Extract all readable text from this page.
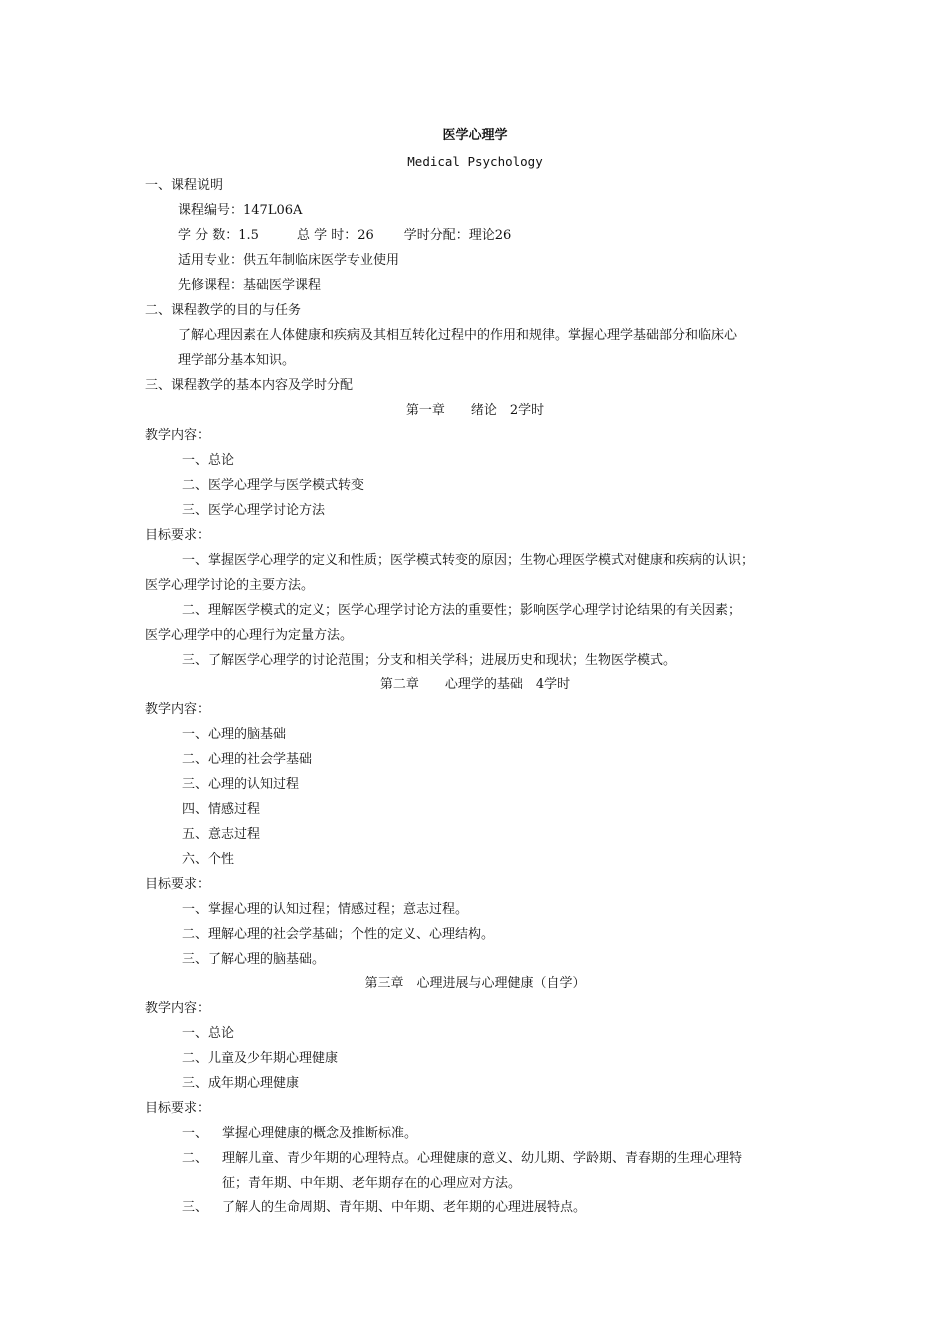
医学心理学
Medical Psychology
一、课程说明
课程编号：147L06A
学 分 数：1.5	总 学 时：26 学时分配：理论26
适用专业：供五年制临床医学专业使用
先修课程：基础医学课程
二、课程教学的目的与任务
了解心理因素在人体健康和疾病及其相互转化过程中的作用和规律。掌握心理学基础部分和临床心
理学部分基本知识。
三、课程教学的基本内容及学时分配
第一章　　绪论　2学时
教学内容：
一、总论
二、医学心理学与医学模式转变
三、医学心理学讨论方法
目标要求：
一、掌握医学心理学的定义和性质；医学模式转变的原因；生物心理医学模式对健康和疾病的认识；
医学心理学讨论的主要方法。
二、理解医学模式的定义；医学心理学讨论方法的重要性；影响医学心理学讨论结果的有关因素；
医学心理学中的心理行为定量方法。
三、了解医学心理学的讨论范围；分支和相关学科；进展历史和现状；生物医学模式。
第二章　　心理学的基础　4学时
教学内容：
一、心理的脑基础
二、心理的社会学基础
三、心理的认知过程
四、情感过程
五、意志过程
六、个性
目标要求：
一、掌握心理的认知过程；情感过程；意志过程。
二、理解心理的社会学基础；个性的定义、心理结构。
三、了解心理的脑基础。
第三章　心理进展与心理健康（自学）
教学内容：
一、总论
二、儿童及少年期心理健康
三、成年期心理健康
目标要求：
一、 掌握心理健康的概念及推断标准。
二、 理解儿童、青少年期的心理特点。心理健康的意义、幼儿期、学龄期、青春期的生理心理特
征；青年期、中年期、老年期存在的心理应对方法。
三、 了解人的生命周期、青年期、中年期、老年期的心理进展特点。
